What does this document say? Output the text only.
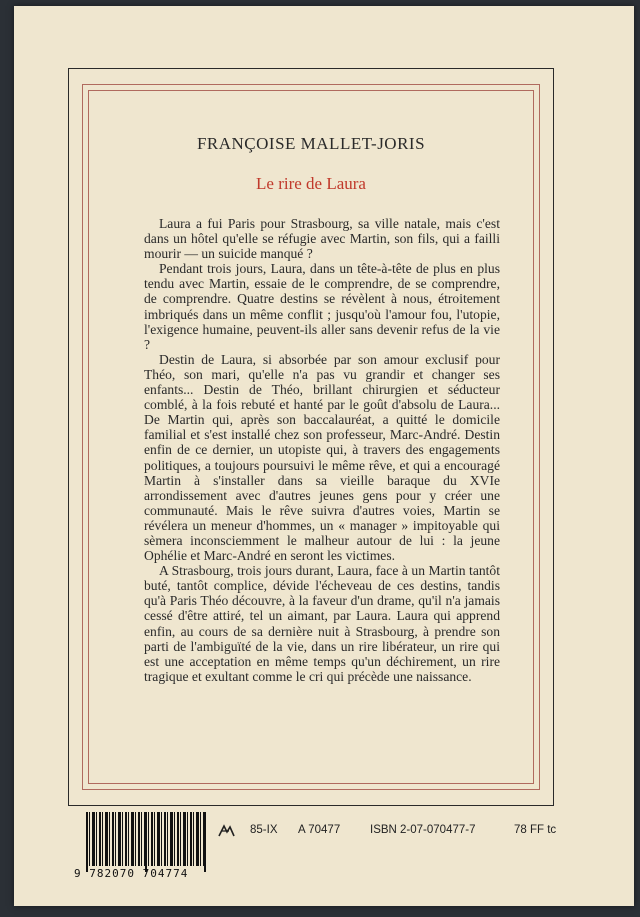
FRANÇOISE MALLET-JORIS
Le rire de Laura

Laura a fui Paris pour Strasbourg, sa ville natale, mais c'est dans un hôtel qu'elle se réfugie avec Martin, son fils, qui a failli mourir — un suicide manqué ?

Pendant trois jours, Laura, dans un tête-à-tête de plus en plus tendu avec Martin, essaie de le comprendre, de se comprendre, de comprendre. Quatre destins se révèlent à nous, étroitement imbriqués dans un même conflit ; jusqu'où l'amour fou, l'utopie, l'exigence humaine, peuvent-ils aller sans devenir refus de la vie ?

Destin de Laura, si absorbée par son amour exclusif pour Théo, son mari, qu'elle n'a pas vu grandir et changer ses enfants... Destin de Théo, brillant chirurgien et séducteur comblé, à la fois rebuté et hanté par le goût d'absolu de Laura... De Martin qui, après son baccalauréat, a quitté le domicile familial et s'est installé chez son professeur, Marc-André. Destin enfin de ce dernier, un utopiste qui, à travers des engagements politiques, a toujours poursuivi le même rêve, et qui a encouragé Martin à s'installer dans sa vieille baraque du XVIe arrondissement avec d'autres jeunes gens pour y créer une communauté. Mais le rêve suivra d'autres voies, Martin se révélera un meneur d'hommes, un « manager » impitoyable qui sèmera inconsciemment le malheur autour de lui : la jeune Ophélie et Marc-André en seront les victimes.

A Strasbourg, trois jours durant, Laura, face à un Martin tantôt buté, tantôt complice, dévide l'écheveau de ces destins, tandis qu'à Paris Théo découvre, à la faveur d'un drame, qu'il n'a jamais cessé d'être attiré, tel un aimant, par Laura. Laura qui apprend enfin, au cours de sa dernière nuit à Strasbourg, à prendre son parti de l'ambiguïté de la vie, dans un rire libérateur, un rire qui est une acceptation en même temps qu'un déchirement, un rire tragique et exultant comme le cri qui précède une naissance.

9 782070 704774
85-IX A 70477	ISBN 2-07-070477-7	78 FF tc
